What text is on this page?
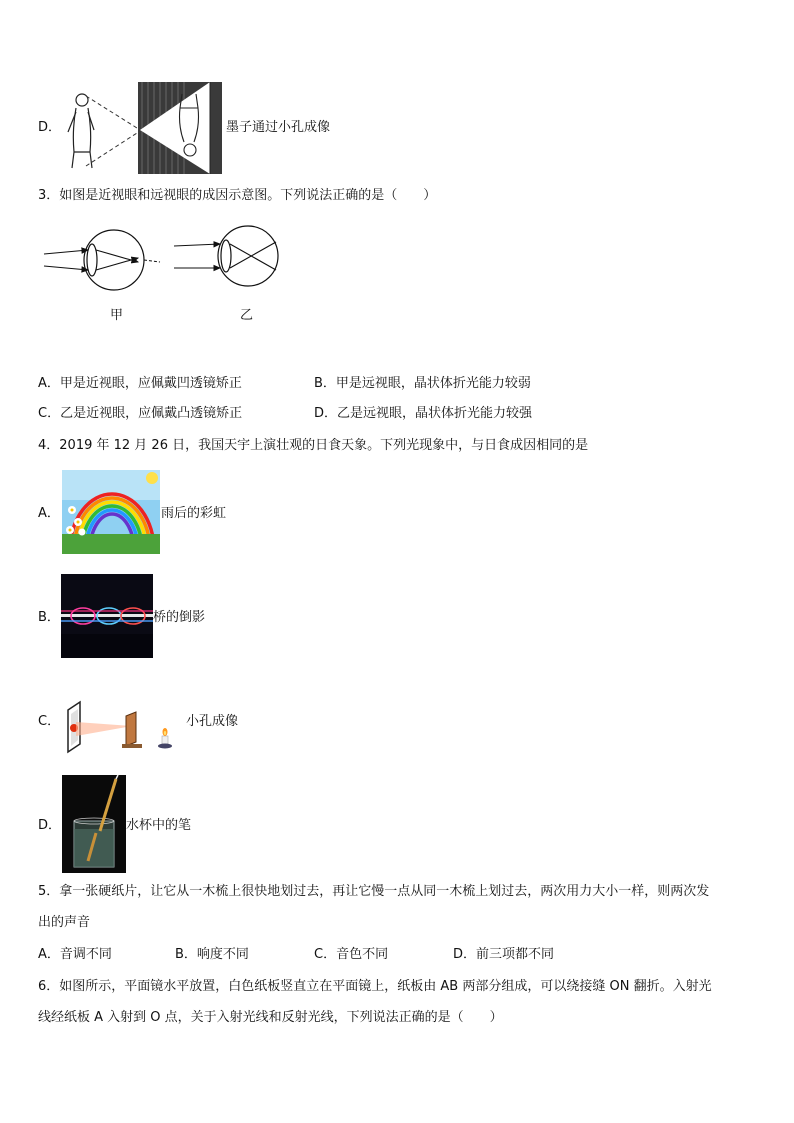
D．	墨子通过小孔成像
3．如图是近视眼和远视眼的成因示意图。下列说法正确的是（　　）
甲	乙
A．甲是近视眼，应佩戴凹透镜矫正	B．甲是远视眼，晶状体折光能力较弱
C．乙是近视眼，应佩戴凸透镜矫正	D．乙是远视眼，晶状体折光能力较强
4．2019 年 12 月 26 日，我国天宇上演壮观的日食天象。下列光现象中，与日食成因相同的是
A．	雨后的彩虹
B．	桥的倒影
C．	小孔成像
D．	水杯中的笔
5．拿一张硬纸片，让它从一木梳上很快地划过去，再让它慢一点从同一木梳上划过去，两次用力大小一样，则两次发
出的声音
A．音调不同	B．响度不同	C．音色不同	D．前三项都不同
6．如图所示，平面镜水平放置，白色纸板竖直立在平面镜上，纸板由 AB 两部分组成，可以绕接缝 ON 翻折。入射光
线经纸板 A 入射到 O 点，关于入射光线和反射光线，下列说法正确的是（　　）
